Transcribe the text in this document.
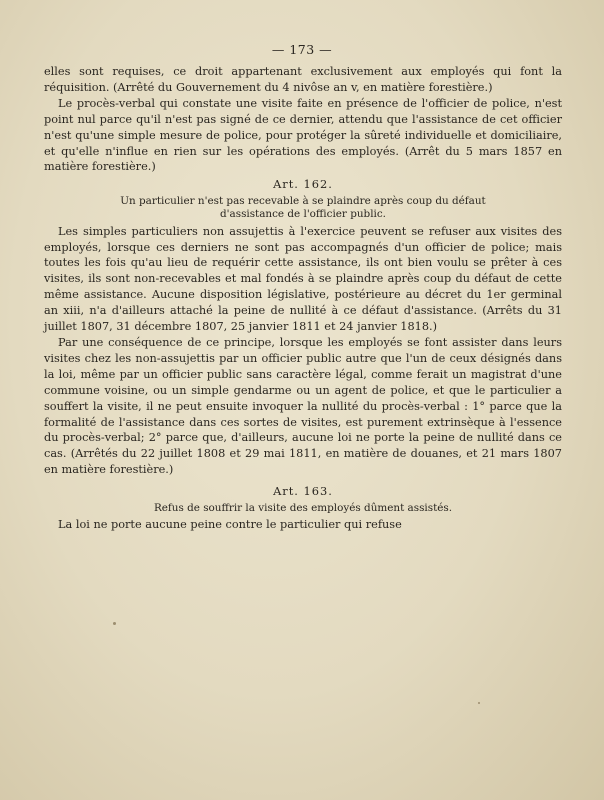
— 173 —

elles sont requises, ce droit appartenant exclusivement aux employés qui font la réquisition. (Arrêté du Gouvernement du 4 nivôse an v, en matière forestière.)

Le procès-verbal qui constate une visite faite en présence de l'officier de police, n'est point nul parce qu'il n'est pas signé de ce dernier, attendu que l'assistance de cet officier n'est qu'une simple mesure de police, pour protéger la sûreté individuelle et domiciliaire, et qu'elle n'influe en rien sur les opérations des employés. (Arrêt du 5 mars 1857 en matière forestière.)

Art. 162.
Un particulier n'est pas recevable à se plaindre après coup du défaut d'assistance de l'officier public.

Les simples particuliers non assujettis à l'exercice peuvent se refuser aux visites des employés, lorsque ces derniers ne sont pas accompagnés d'un officier de police; mais toutes les fois qu'au lieu de requérir cette assistance, ils ont bien voulu se prêter à ces visites, ils sont non-recevables et mal fondés à se plaindre après coup du défaut de cette même assistance. Aucune disposition législative, postérieure au décret du 1er germinal an xiii, n'a d'ailleurs attaché la peine de nullité à ce défaut d'assistance. (Arrêts du 31 juillet 1807, 31 décembre 1807, 25 janvier 1811 et 24 janvier 1818.)

Par une conséquence de ce principe, lorsque les employés se font assister dans leurs visites chez les non-assujettis par un officier public autre que l'un de ceux désignés dans la loi, même par un officier public sans caractère légal, comme ferait un magistrat d'une commune voisine, ou un simple gendarme ou un agent de police, et que le particulier a souffert la visite, il ne peut ensuite invoquer la nullité du procès-verbal : 1° parce que la formalité de l'assistance dans ces sortes de visites, est purement extrinsèque à l'essence du procès-verbal; 2° parce que, d'ailleurs, aucune loi ne porte la peine de nullité dans ce cas. (Arrêtés du 22 juillet 1808 et 29 mai 1811, en matière de douanes, et 21 mars 1807 en matière forestière.)

Art. 163.
Refus de souffrir la visite des employés dûment assistés.

La loi ne porte aucune peine contre le particulier qui refuse
